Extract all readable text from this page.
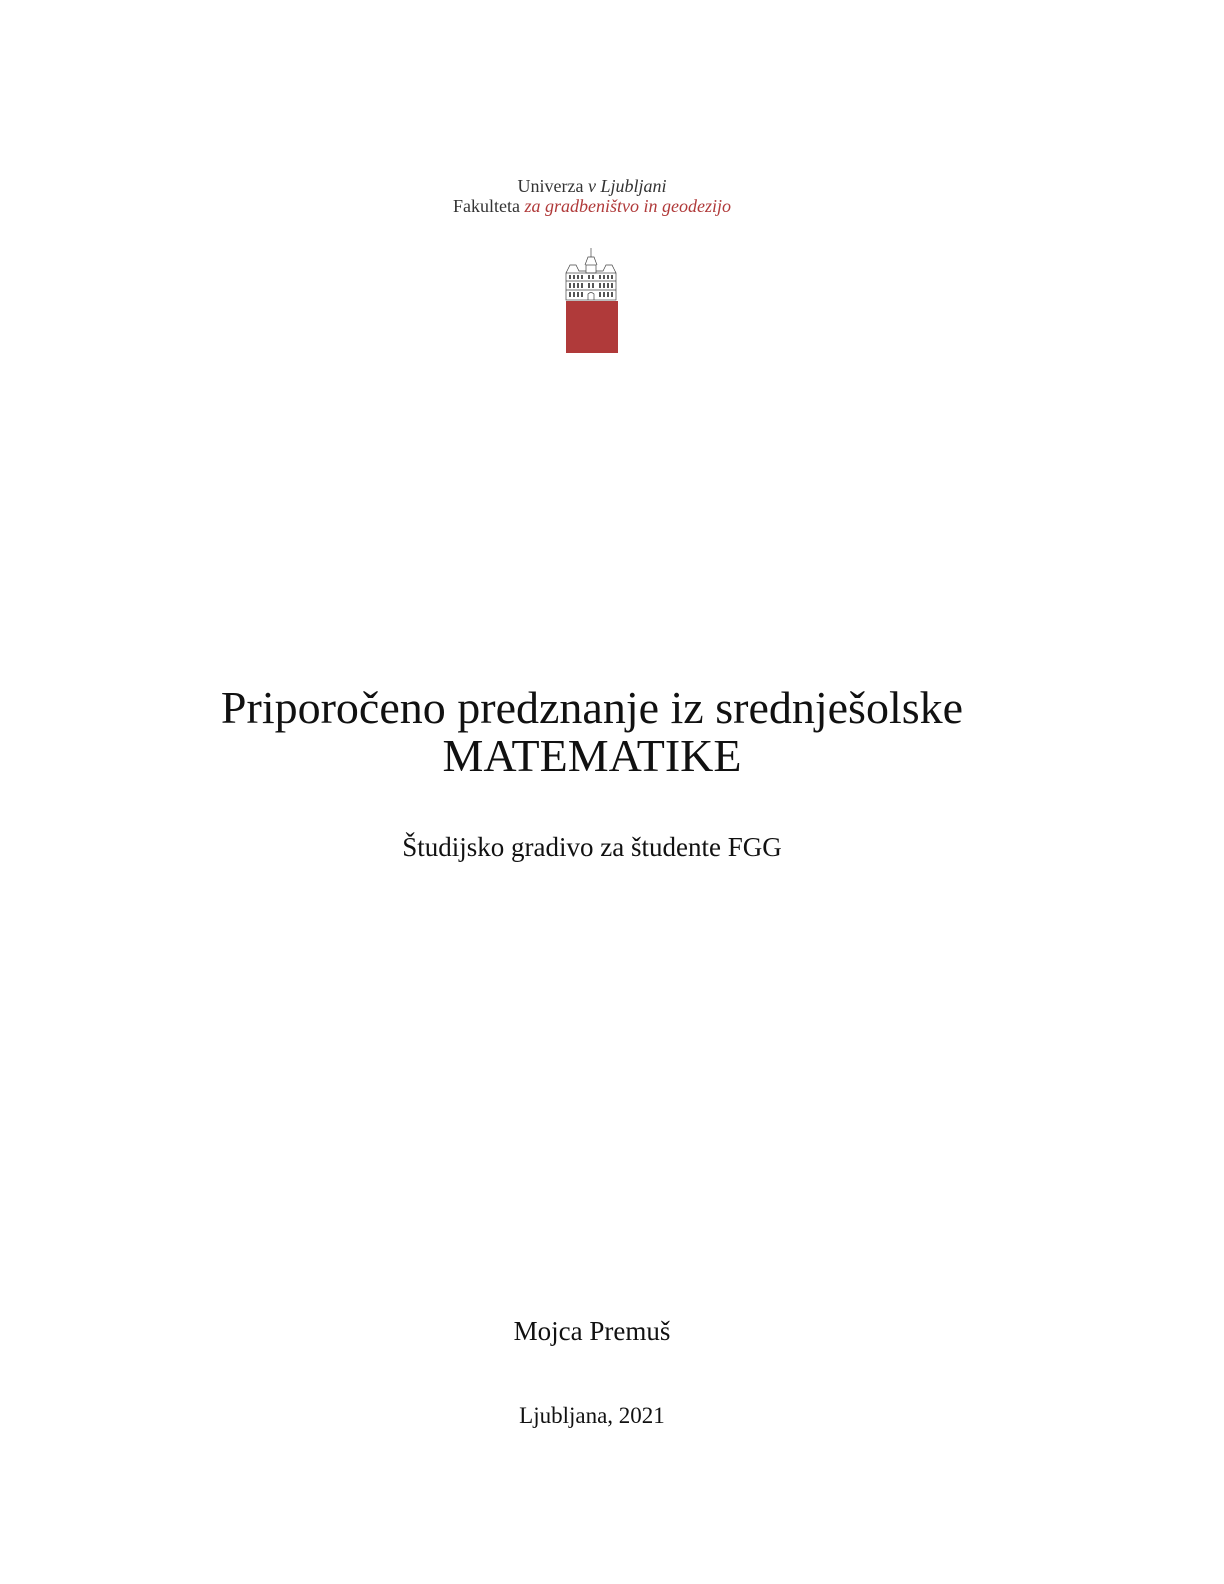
Univerza v Ljubljani
Fakulteta za gradbeništvo in geodezijo
Priporočeno predznanje iz srednješolske
MATEMATIKE
Študijsko gradivo za študente FGG
Mojca Premuš
Ljubljana, 2021
